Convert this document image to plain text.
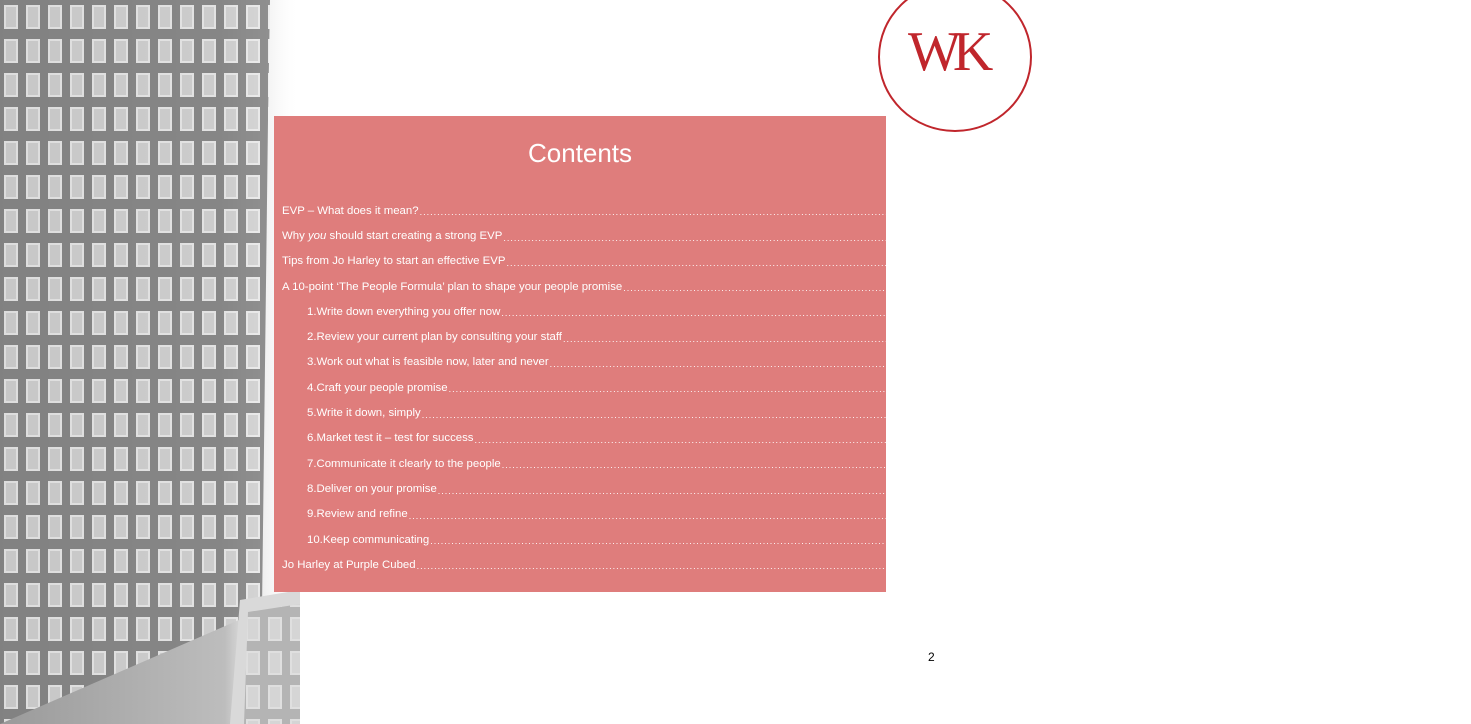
WK
Contents
EVP – What does it mean? ................................................................................................................................................................................................................................................ 3
Why you should start creating a strong EVP ................................................................................................................................................................................................................................................ 4
Tips from Jo Harley to start an effective EVP ................................................................................................................................................................................................................................................ 5
A 10-point ‘The People Formula’ plan to shape your people promise ................................................................................................................................................................................................................................................ 6
1. Write down everything you offer now ................................................................................................................................................................................................................................................ 6
2. Review your current plan by consulting your staff ................................................................................................................................................................................................................................................ 7
3. Work out what is feasible now, later and never ................................................................................................................................................................................................................................................ 7
4. Craft your people promise ................................................................................................................................................................................................................................................ 8
5. Write it down, simply ................................................................................................................................................................................................................................................ 9
6. Market test it – test for success ................................................................................................................................................................................................................................................ 9
7. Communicate it clearly to the people ................................................................................................................................................................................................................................................ 10
8. Deliver on your promise ................................................................................................................................................................................................................................................ 11
9. Review and refine ................................................................................................................................................................................................................................................ 12
10. Keep communicating ................................................................................................................................................................................................................................................ 12
Jo Harley at Purple Cubed ................................................................................................................................................................................................................................................ 13
2
